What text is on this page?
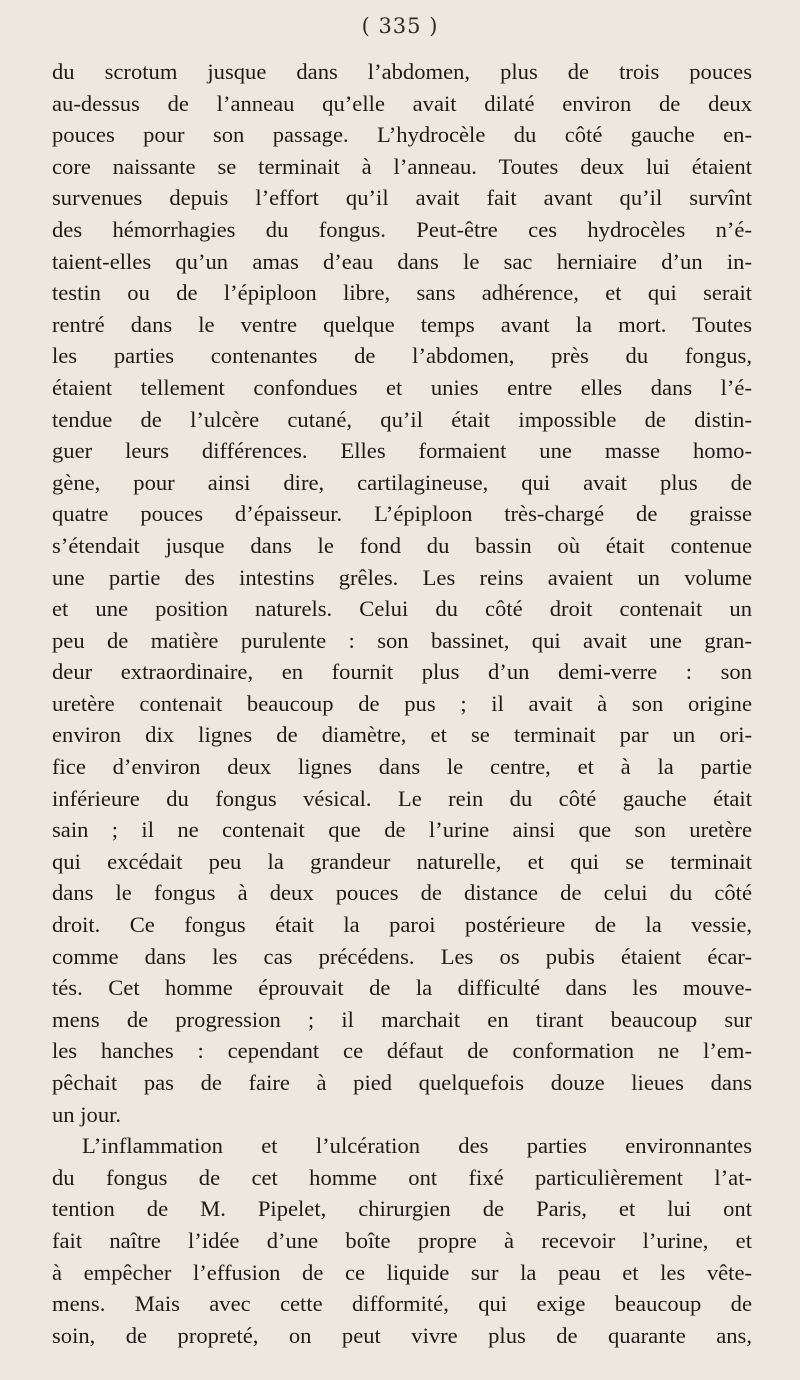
( 335 )

du scrotum jusque dans l’abdomen, plus de trois pouces

au-dessus de l’anneau qu’elle avait dilaté environ de deux

pouces pour son passage. L’hydrocèle du côté gauche en-

core naissante se terminait à l’anneau. Toutes deux lui étaient

survenues depuis l’effort qu’il avait fait avant qu’il survînt

des hémorrhagies du fongus. Peut-être ces hydrocèles n’é-

taient-elles qu’un amas d’eau dans le sac herniaire d’un in-

testin ou de l’épiploon libre, sans adhérence, et qui serait

rentré dans le ventre quelque temps avant la mort. Toutes

les parties contenantes de l’abdomen, près du fongus,

étaient tellement confondues et unies entre elles dans l’é-

tendue de l’ulcère cutané, qu’il était impossible de distin-

guer leurs différences. Elles formaient une masse homo-

gène, pour ainsi dire, cartilagineuse, qui avait plus de

quatre pouces d’épaisseur. L’épiploon très-chargé de graisse

s’étendait jusque dans le fond du bassin où était contenue

une partie des intestins grêles. Les reins avaient un volume

et une position naturels. Celui du côté droit contenait un

peu de matière purulente : son bassinet, qui avait une gran-

deur extraordinaire, en fournit plus d’un demi-verre : son

uretère contenait beaucoup de pus ; il avait à son origine

environ dix lignes de diamètre, et se terminait par un ori-

fice d’environ deux lignes dans le centre, et à la partie

inférieure du fongus vésical. Le rein du côté gauche était

sain ; il ne contenait que de l’urine ainsi que son uretère

qui excédait peu la grandeur naturelle, et qui se terminait

dans le fongus à deux pouces de distance de celui du côté

droit. Ce fongus était la paroi postérieure de la vessie,

comme dans les cas précédens. Les os pubis étaient écar-

tés. Cet homme éprouvait de la difficulté dans les mouve-

mens de progression ; il marchait en tirant beaucoup sur

les hanches : cependant ce défaut de conformation ne l’em-

pêchait pas de faire à pied quelquefois douze lieues dans

un jour.

L’inflammation et l’ulcération des parties environnantes

du fongus de cet homme ont fixé particulièrement l’at-

tention de M. Pipelet, chirurgien de Paris, et lui ont

fait naître l’idée d’une boîte propre à recevoir l’urine, et

à empêcher l’effusion de ce liquide sur la peau et les vête-

mens. Mais avec cette difformité, qui exige beaucoup de

soin, de propreté, on peut vivre plus de quarante ans,
